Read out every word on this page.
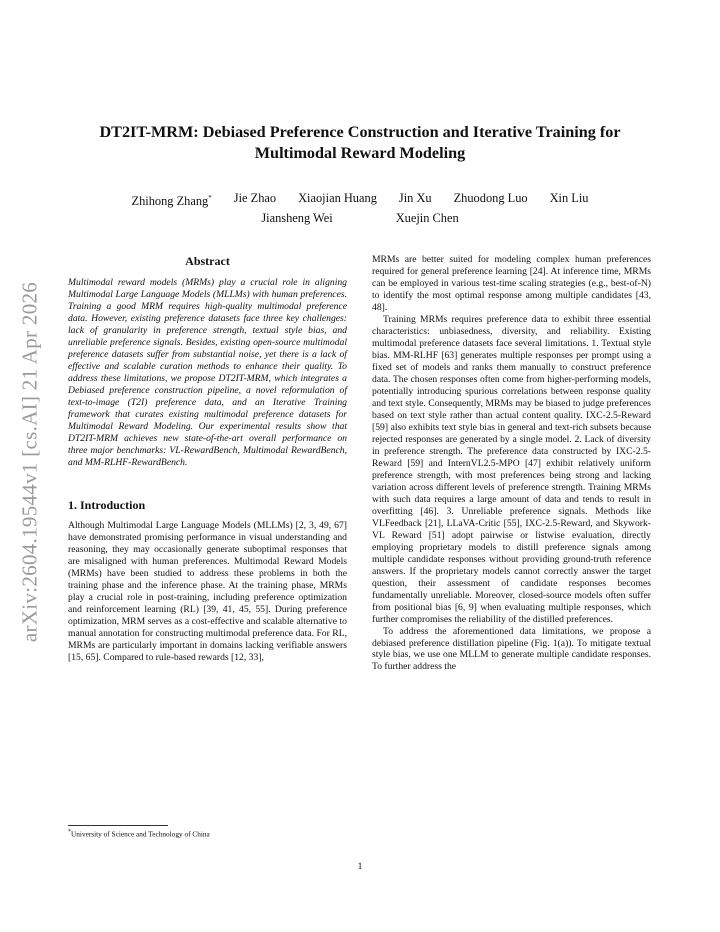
arXiv:2604.19544v1 [cs.AI] 21 Apr 2026
DT2IT-MRM: Debiased Preference Construction and Iterative Training for
Multimodal Reward Modeling
Zhihong Zhang* Jie Zhao Xiaojian Huang Jin Xu Zhuodong Luo Xin Liu
Jiansheng Wei	Xuejin Chen
Abstract

Multimodal reward models (MRMs) play a crucial role in aligning Multimodal Large Language Models (MLLMs) with human preferences. Training a good MRM requires high-quality multimodal preference data. However, existing preference datasets face three key challenges: lack of granularity in preference strength, textual style bias, and unreliable preference signals. Besides, existing open-source multimodal preference datasets suffer from substantial noise, yet there is a lack of effective and scalable curation methods to enhance their quality. To address these limitations, we propose DT2IT-MRM, which integrates a Debiased preference construction pipeline, a novel reformulation of text-to-image (T2I) preference data, and an Iterative Training framework that curates existing multimodal preference datasets for Multimodal Reward Modeling. Our experimental results show that DT2IT-MRM achieves new state-of-the-art overall performance on three major benchmarks: VL-RewardBench, Multimodal RewardBench, and MM-RLHF-RewardBench.

1. Introduction

Although Multimodal Large Language Models (MLLMs) [2, 3, 49, 67] have demonstrated promising performance in visual understanding and reasoning, they may occasionally generate suboptimal responses that are misaligned with human preferences. Multimodal Reward Models (MRMs) have been studied to address these problems in both the training phase and the inference phase. At the training phase, MRMs play a crucial role in post-training, including preference optimization and reinforcement learning (RL) [39, 41, 45, 55]. During preference optimization, MRM serves as a cost-effective and scalable alternative to manual annotation for constructing multimodal preference data. For RL, MRMs are particularly important in domains lacking verifiable answers [15, 65]. Compared to rule-based rewards [12, 33],

MRMs are better suited for modeling complex human preferences required for general preference learning [24]. At inference time, MRMs can be employed in various test-time scaling strategies (e.g., best-of-N) to identify the most optimal response among multiple candidates [43, 48].

Training MRMs requires preference data to exhibit three essential characteristics: unbiasedness, diversity, and reliability. Existing multimodal preference datasets face several limitations. 1. Textual style bias. MM-RLHF [63] generates multiple responses per prompt using a fixed set of models and ranks them manually to construct preference data. The chosen responses often come from higher-performing models, potentially introducing spurious correlations between response quality and text style. Consequently, MRMs may be biased to judge preferences based on text style rather than actual content quality. IXC-2.5-Reward [59] also exhibits text style bias in general and text-rich subsets because rejected responses are generated by a single model. 2. Lack of diversity in preference strength. The preference data constructed by IXC-2.5-Reward [59] and InternVL2.5-MPO [47] exhibit relatively uniform preference strength, with most preferences being strong and lacking variation across different levels of preference strength. Training MRMs with such data requires a large amount of data and tends to result in overfitting [46]. 3. Unreliable preference signals. Methods like VLFeedback [21], LLaVA-Critic [55], IXC-2.5-Reward, and Skywork-VL Reward [51] adopt pairwise or listwise evaluation, directly employing proprietary models to distill preference signals among multiple candidate responses without providing ground-truth reference answers. If the proprietary models cannot correctly answer the target question, their assessment of candidate responses becomes fundamentally unreliable. Moreover, closed-source models often suffer from positional bias [6, 9] when evaluating multiple responses, which further compromises the reliability of the distilled preferences.

To address the aforementioned data limitations, we propose a debiased preference distillation pipeline (Fig. 1(a)). To mitigate textual style bias, we use one MLLM to generate multiple candidate responses. To further address the

*University of Science and Technology of China
1
